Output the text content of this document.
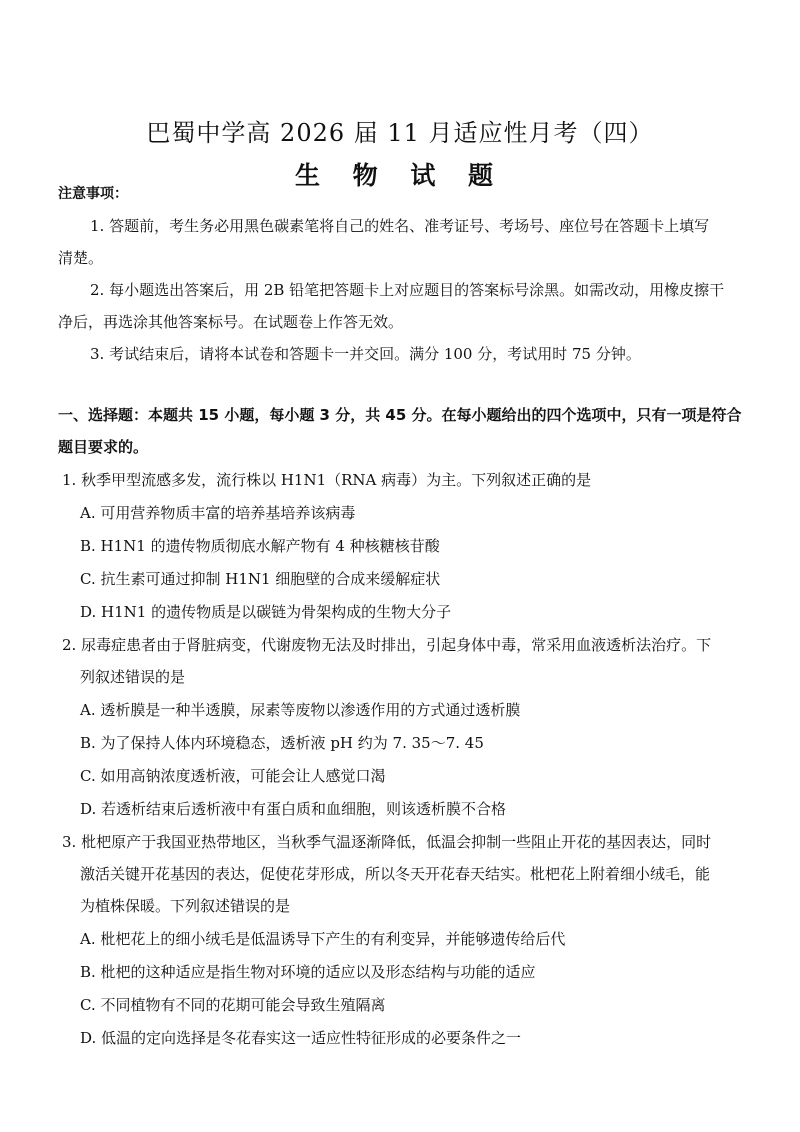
巴蜀中学高 2026 届 11 月适应性月考（四）
生 物 试 题
注意事项：
1. 答题前，考生务必用黑色碳素笔将自己的姓名、准考证号、考场号、座位号在答题卡上填写
清楚。
2. 每小题选出答案后，用 2B 铅笔把答题卡上对应题目的答案标号涂黑。如需改动，用橡皮擦干
净后，再选涂其他答案标号。在试题卷上作答无效。
3. 考试结束后，请将本试卷和答题卡一并交回。满分 100 分，考试用时 75 分钟。
一、选择题：本题共 15 小题，每小题 3 分，共 45 分。在每小题给出的四个选项中，只有一项是符合
题目要求的。
1. 秋季甲型流感多发，流行株以 H1N1（RNA 病毒）为主。下列叙述正确的是
A. 可用营养物质丰富的培养基培养该病毒
B. H1N1 的遗传物质彻底水解产物有 4 种核糖核苷酸
C. 抗生素可通过抑制 H1N1 细胞壁的合成来缓解症状
D. H1N1 的遗传物质是以碳链为骨架构成的生物大分子
2. 尿毒症患者由于肾脏病变，代谢废物无法及时排出，引起身体中毒，常采用血液透析法治疗。下
列叙述错误的是
A. 透析膜是一种半透膜，尿素等废物以渗透作用的方式通过透析膜
B. 为了保持人体内环境稳态，透析液 pH 约为 7. 35～7. 45
C. 如用高钠浓度透析液，可能会让人感觉口渴
D. 若透析结束后透析液中有蛋白质和血细胞，则该透析膜不合格
3. 枇杷原产于我国亚热带地区，当秋季气温逐渐降低，低温会抑制一些阻止开花的基因表达，同时
激活关键开花基因的表达，促使花芽形成，所以冬天开花春天结实。枇杷花上附着细小绒毛，能
为植株保暖。下列叙述错误的是
A. 枇杷花上的细小绒毛是低温诱导下产生的有利变异，并能够遗传给后代
B. 枇杷的这种适应是指生物对环境的适应以及形态结构与功能的适应
C. 不同植物有不同的花期可能会导致生殖隔离
D. 低温的定向选择是冬花春实这一适应性特征形成的必要条件之一
